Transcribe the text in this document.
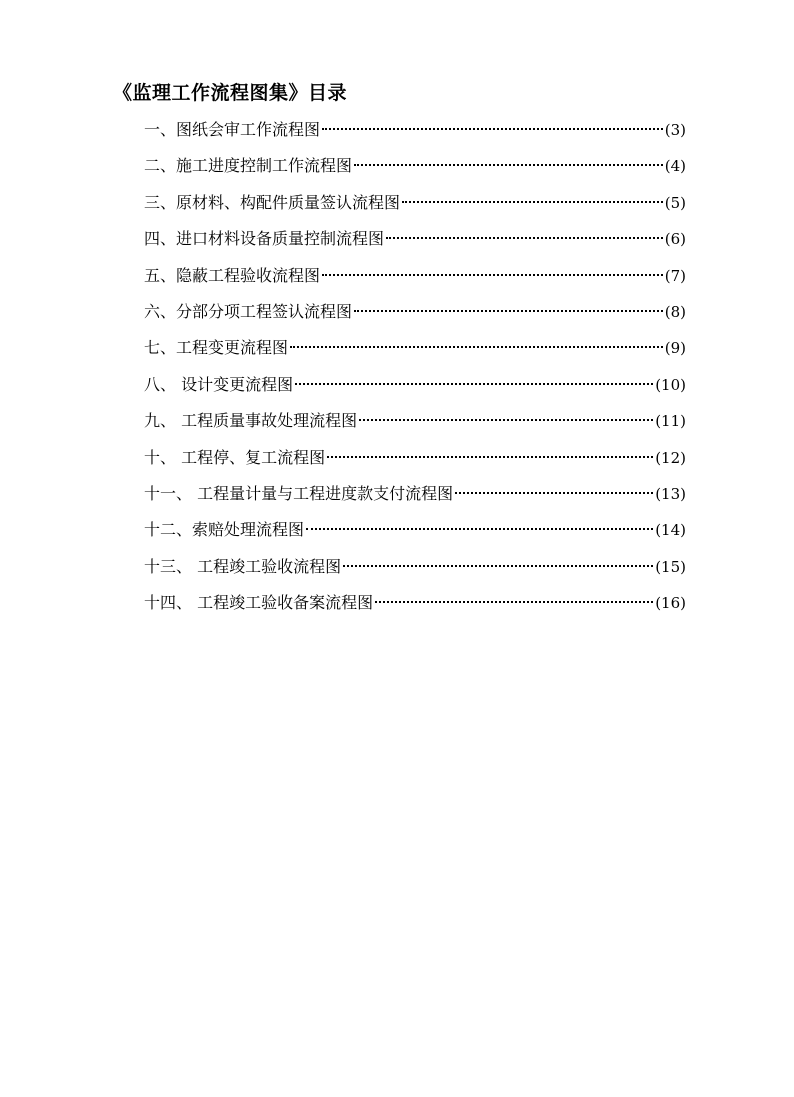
《监理工作流程图集》目录
一、图纸会审工作流程图	(3)
二、施工进度控制工作流程图	(4)
三、原材料、构配件质量签认流程图	(5)
四、进口材料设备质量控制流程图	(6)
五、隐蔽工程验收流程图	(7)
六、分部分项工程签认流程图	(8)
七、工程变更流程图	(9)
八、 设计变更流程图	(10)
九、 工程质量事故处理流程图	(11)
十、 工程停、复工流程图	(12)
十一、 工程量计量与工程进度款支付流程图	(13)
十二、索赔处理流程图	(14)
十三、 工程竣工验收流程图	(15)
十四、 工程竣工验收备案流程图	(16)
